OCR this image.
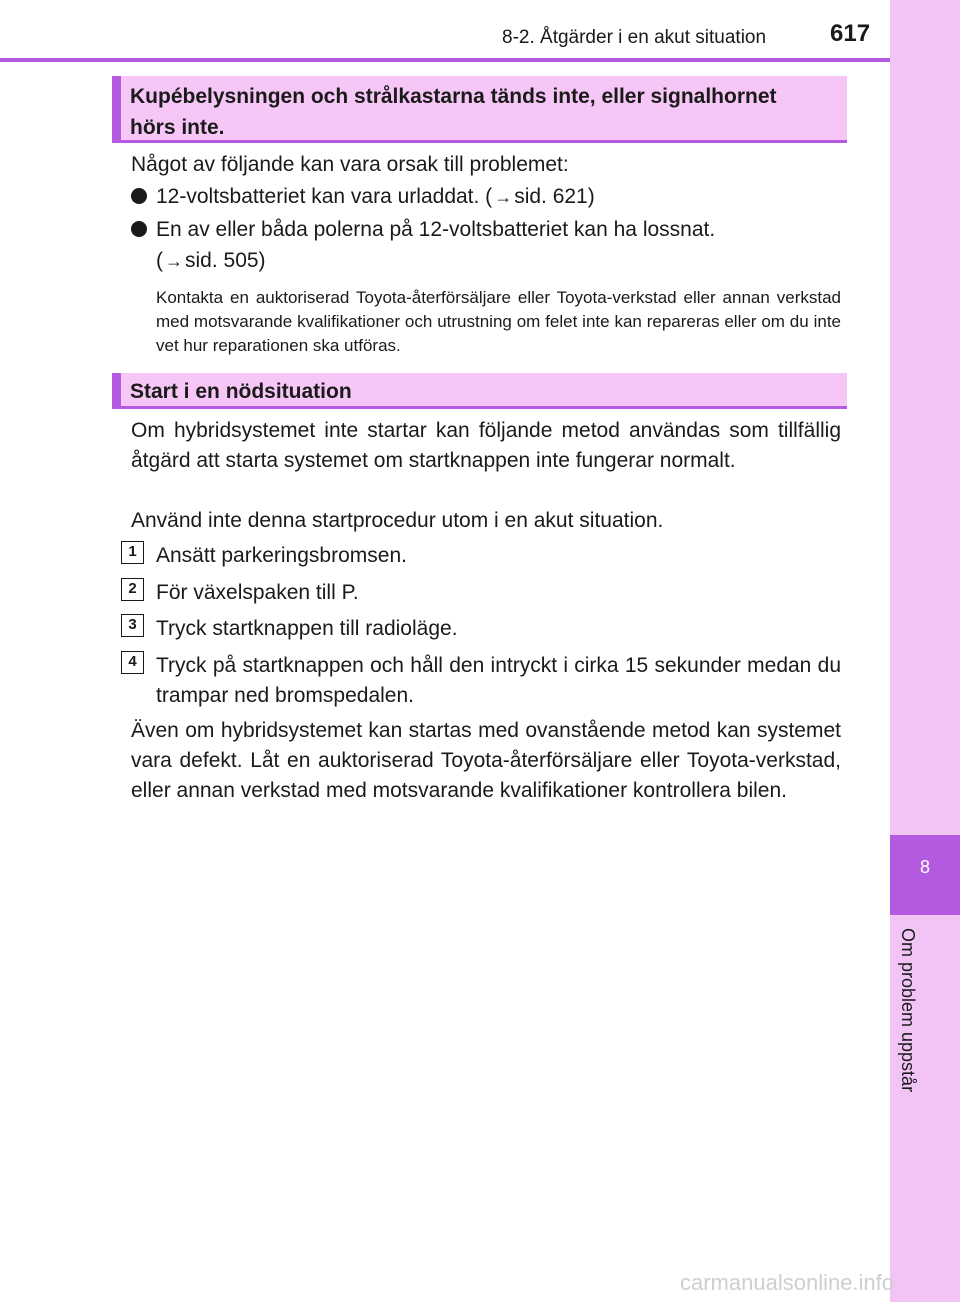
8-2. Åtgärder i en akut situation	617
8
Om problem uppstår
Kupébelysningen och strålkastarna tänds inte, eller signalhornet
hörs inte.
Något av följande kan vara orsak till problemet:
12-voltsbatteriet kan vara urladdat. ( →sid. 621)
En av eller båda polerna på 12-voltsbatteriet kan ha lossnat.
( →sid. 505)
Kontakta en auktoriserad Toyota-återförsäljare eller Toyota-verkstad eller annan verkstad med motsvarande kvalifikationer och utrustning om felet inte kan repareras eller om du inte vet hur reparationen ska utföras.
Start i en nödsituation
Om hybridsystemet inte startar kan följande metod användas som tillfällig åtgärd att starta systemet om startknappen inte fungerar normalt.
Använd inte denna startprocedur utom i en akut situation.
1 Ansätt parkeringsbromsen.
2 För växelspaken till P.
3 Tryck startknappen till radioläge.
4 Tryck på startknappen och håll den intryckt i cirka 15 sekunder medan du trampar ned bromspedalen.
Även om hybridsystemet kan startas med ovanstående metod kan systemet vara defekt. Låt en auktoriserad Toyota-återförsäljare eller Toyota-verkstad, eller annan verkstad med motsvarande kvalifikationer kontrollera bilen.
carmanualsonline.info
